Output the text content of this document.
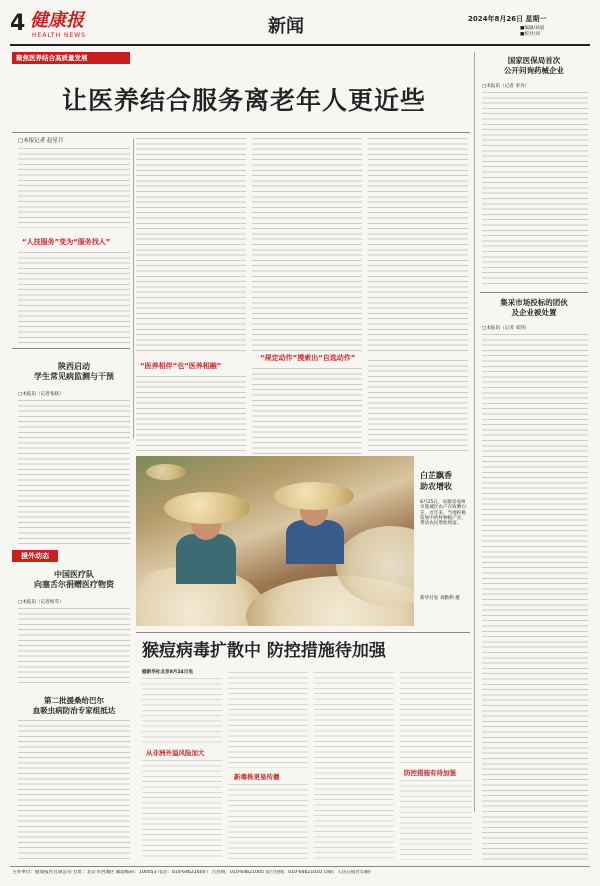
4 健康报
HEALTH NEWS	新闻	2024年8月26日 星期一
■编辑/孙晨
■校对/刘
聚焦医养结合高质量发展
让医养结合服务离老年人更近些
□本报记者 赵星月
“人技服务”变为“服务找人”
“医养相伴”也“医养相融”
“规定动作”摸索出“自选动作”
陕西启动
学生常见病监测与干预
□本报讯（记者张晓）
援外动态
中国医疗队
向塞舌尔捐赠医疗物资
□本报讯（记者杨雪）
第二批援桑给巴尔
血吸虫病防治专家组抵达
白芷飘香
助农增收
8月25日，安徽省亳州市谯城区农户在收晒白芷。近年来，当地积极发展中药材种植产业，带动农民增收致富。
新华社发 刘勤利 摄
猴痘病毒扩散中 防控措施待加强
据新华社北京8月24日电
从非洲外溢风险加大
新毒株更易传播	防控措施有待加强
国家医保局首次
公开问询药械企业
□本报讯（记者 李丹）
集采市场投标的团伙
及企业被处置
□本报讯（记者 邓剑）
主办单位：健康报社有限公司 社址：北京市西城区 邮政编码：100053 电话：010-64621600 广告热线：010-64621005 发行热线：010-64621010 印刷：人民日报社印刷厂
